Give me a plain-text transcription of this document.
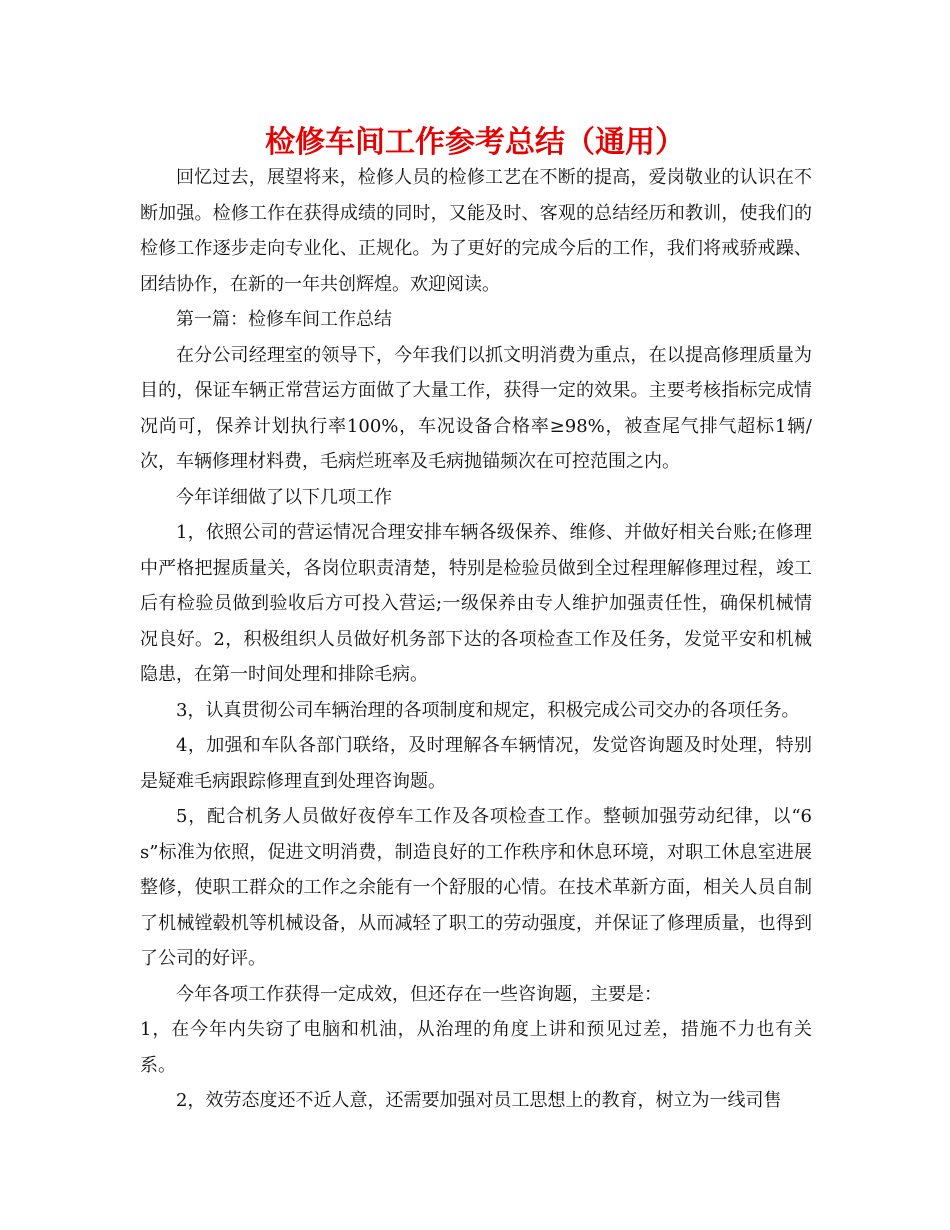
检修车间工作参考总结（通用）

回忆过去，展望将来，检修人员的检修工艺在不断的提高，爱岗敬业的认识在不断加强。检修工作在获得成绩的同时，又能及时、客观的总结经历和教训，使我们的检修工作逐步走向专业化、正规化。为了更好的完成今后的工作，我们将戒骄戒躁、团结协作，在新的一年共创辉煌。欢迎阅读。

第一篇：检修车间工作总结

在分公司经理室的领导下，今年我们以抓文明消费为重点，在以提高修理质量为目的，保证车辆正常营运方面做了大量工作，获得一定的效果。主要考核指标完成情况尚可，保养计划执行率100%，车况设备合格率≥98%，被查尾气排气超标1辆/次，车辆修理材料费，毛病烂班率及毛病抛锚频次在可控范围之内。

今年详细做了以下几项工作

1，依照公司的营运情况合理安排车辆各级保养、维修、并做好相关台账;在修理中严格把握质量关，各岗位职责清楚，特别是检验员做到全过程理解修理过程，竣工后有检验员做到验收后方可投入营运;一级保养由专人维护加强责任性，确保机械情况良好。2，积极组织人员做好机务部下达的各项检查工作及任务，发觉平安和机械隐患，在第一时间处理和排除毛病。

3，认真贯彻公司车辆治理的各项制度和规定，积极完成公司交办的各项任务。

4，加强和车队各部门联络，及时理解各车辆情况，发觉咨询题及时处理，特别是疑难毛病跟踪修理直到处理咨询题。

5，配合机务人员做好夜停车工作及各项检查工作。整顿加强劳动纪律，以“6s”标准为依照，促进文明消费，制造良好的工作秩序和休息环境，对职工休息室进展整修，使职工群众的工作之余能有一个舒服的心情。在技术革新方面，相关人员自制了机械镗毂机等机械设备，从而减轻了职工的劳动强度，并保证了修理质量，也得到了公司的好评。

今年各项工作获得一定成效，但还存在一些咨询题，主要是：

1，在今年内失窃了电脑和机油，从治理的角度上讲和预见过差，措施不力也有关系。

2，效劳态度还不近人意，还需要加强对员工思想上的教育，树立为一线司售
